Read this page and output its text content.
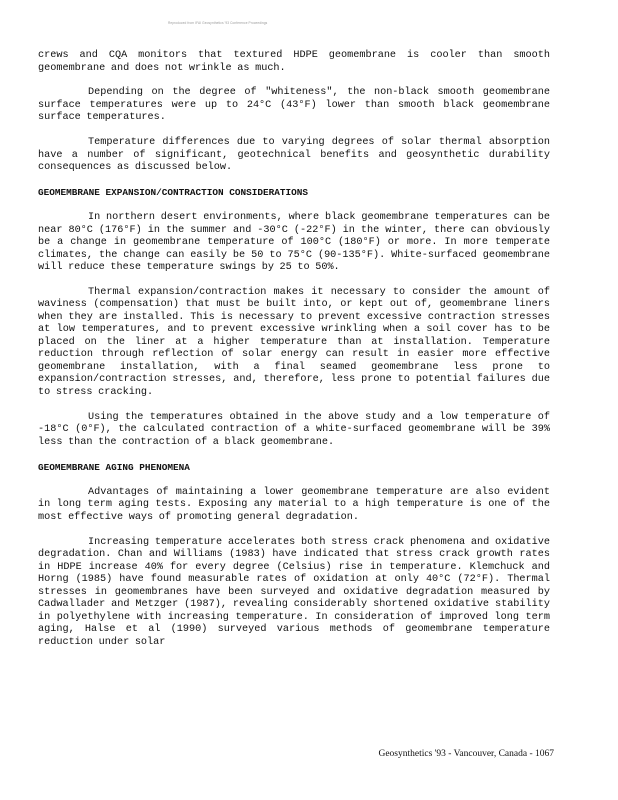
Reproduced from IFAI Geosynthetics '93 Conference Proceedings

crews and CQA monitors that textured HDPE geomembrane is cooler than smooth geomembrane and does not wrinkle as much.

Depending on the degree of "whiteness", the non-black smooth geomembrane surface temperatures were up to 24°C (43°F) lower than smooth black geomembrane surface temperatures.

Temperature differences due to varying degrees of solar thermal absorption have a number of significant, geotechnical benefits and geosynthetic durability consequences as discussed below.

GEOMEMBRANE EXPANSION/CONTRACTION CONSIDERATIONS

In northern desert environments, where black geomembrane temperatures can be near 80°C (176°F) in the summer and -30°C (-22°F) in the winter, there can obviously be a change in geomembrane temperature of 100°C (180°F) or more. In more temperate climates, the change can easily be 50 to 75°C (90-135°F). White-surfaced geomembrane will reduce these temperature swings by 25 to 50%.

Thermal expansion/contraction makes it necessary to consider the amount of waviness (compensation) that must be built into, or kept out of, geomembrane liners when they are installed. This is necessary to prevent excessive contraction stresses at low temperatures, and to prevent excessive wrinkling when a soil cover has to be placed on the liner at a higher temperature than at installation. Temperature reduction through reflection of solar energy can result in easier more effective geomembrane installation, with a final seamed geomembrane less prone to expansion/contraction stresses, and, therefore, less prone to potential failures due to stress cracking.

Using the temperatures obtained in the above study and a low temperature of -18°C (0°F), the calculated contraction of a white-surfaced geomembrane will be 39% less than the contraction of a black geomembrane.

GEOMEMBRANE AGING PHENOMENA

Advantages of maintaining a lower geomembrane temperature are also evident in long term aging tests. Exposing any material to a high temperature is one of the most effective ways of promoting general degradation.

Increasing temperature accelerates both stress crack phenomena and oxidative degradation. Chan and Williams (1983) have indicated that stress crack growth rates in HDPE increase 40% for every degree (Celsius) rise in temperature. Klemchuck and Horng (1985) have found measurable rates of oxidation at only 40°C (72°F). Thermal stresses in geomembranes have been surveyed and oxidative degradation measured by Cadwallader and Metzger (1987), revealing considerably shortened oxidative stability in polyethylene with increasing temperature. In consideration of improved long term aging, Halse et al (1990) surveyed various methods of geomembrane temperature reduction under solar

Geosynthetics '93 - Vancouver, Canada - 1067
